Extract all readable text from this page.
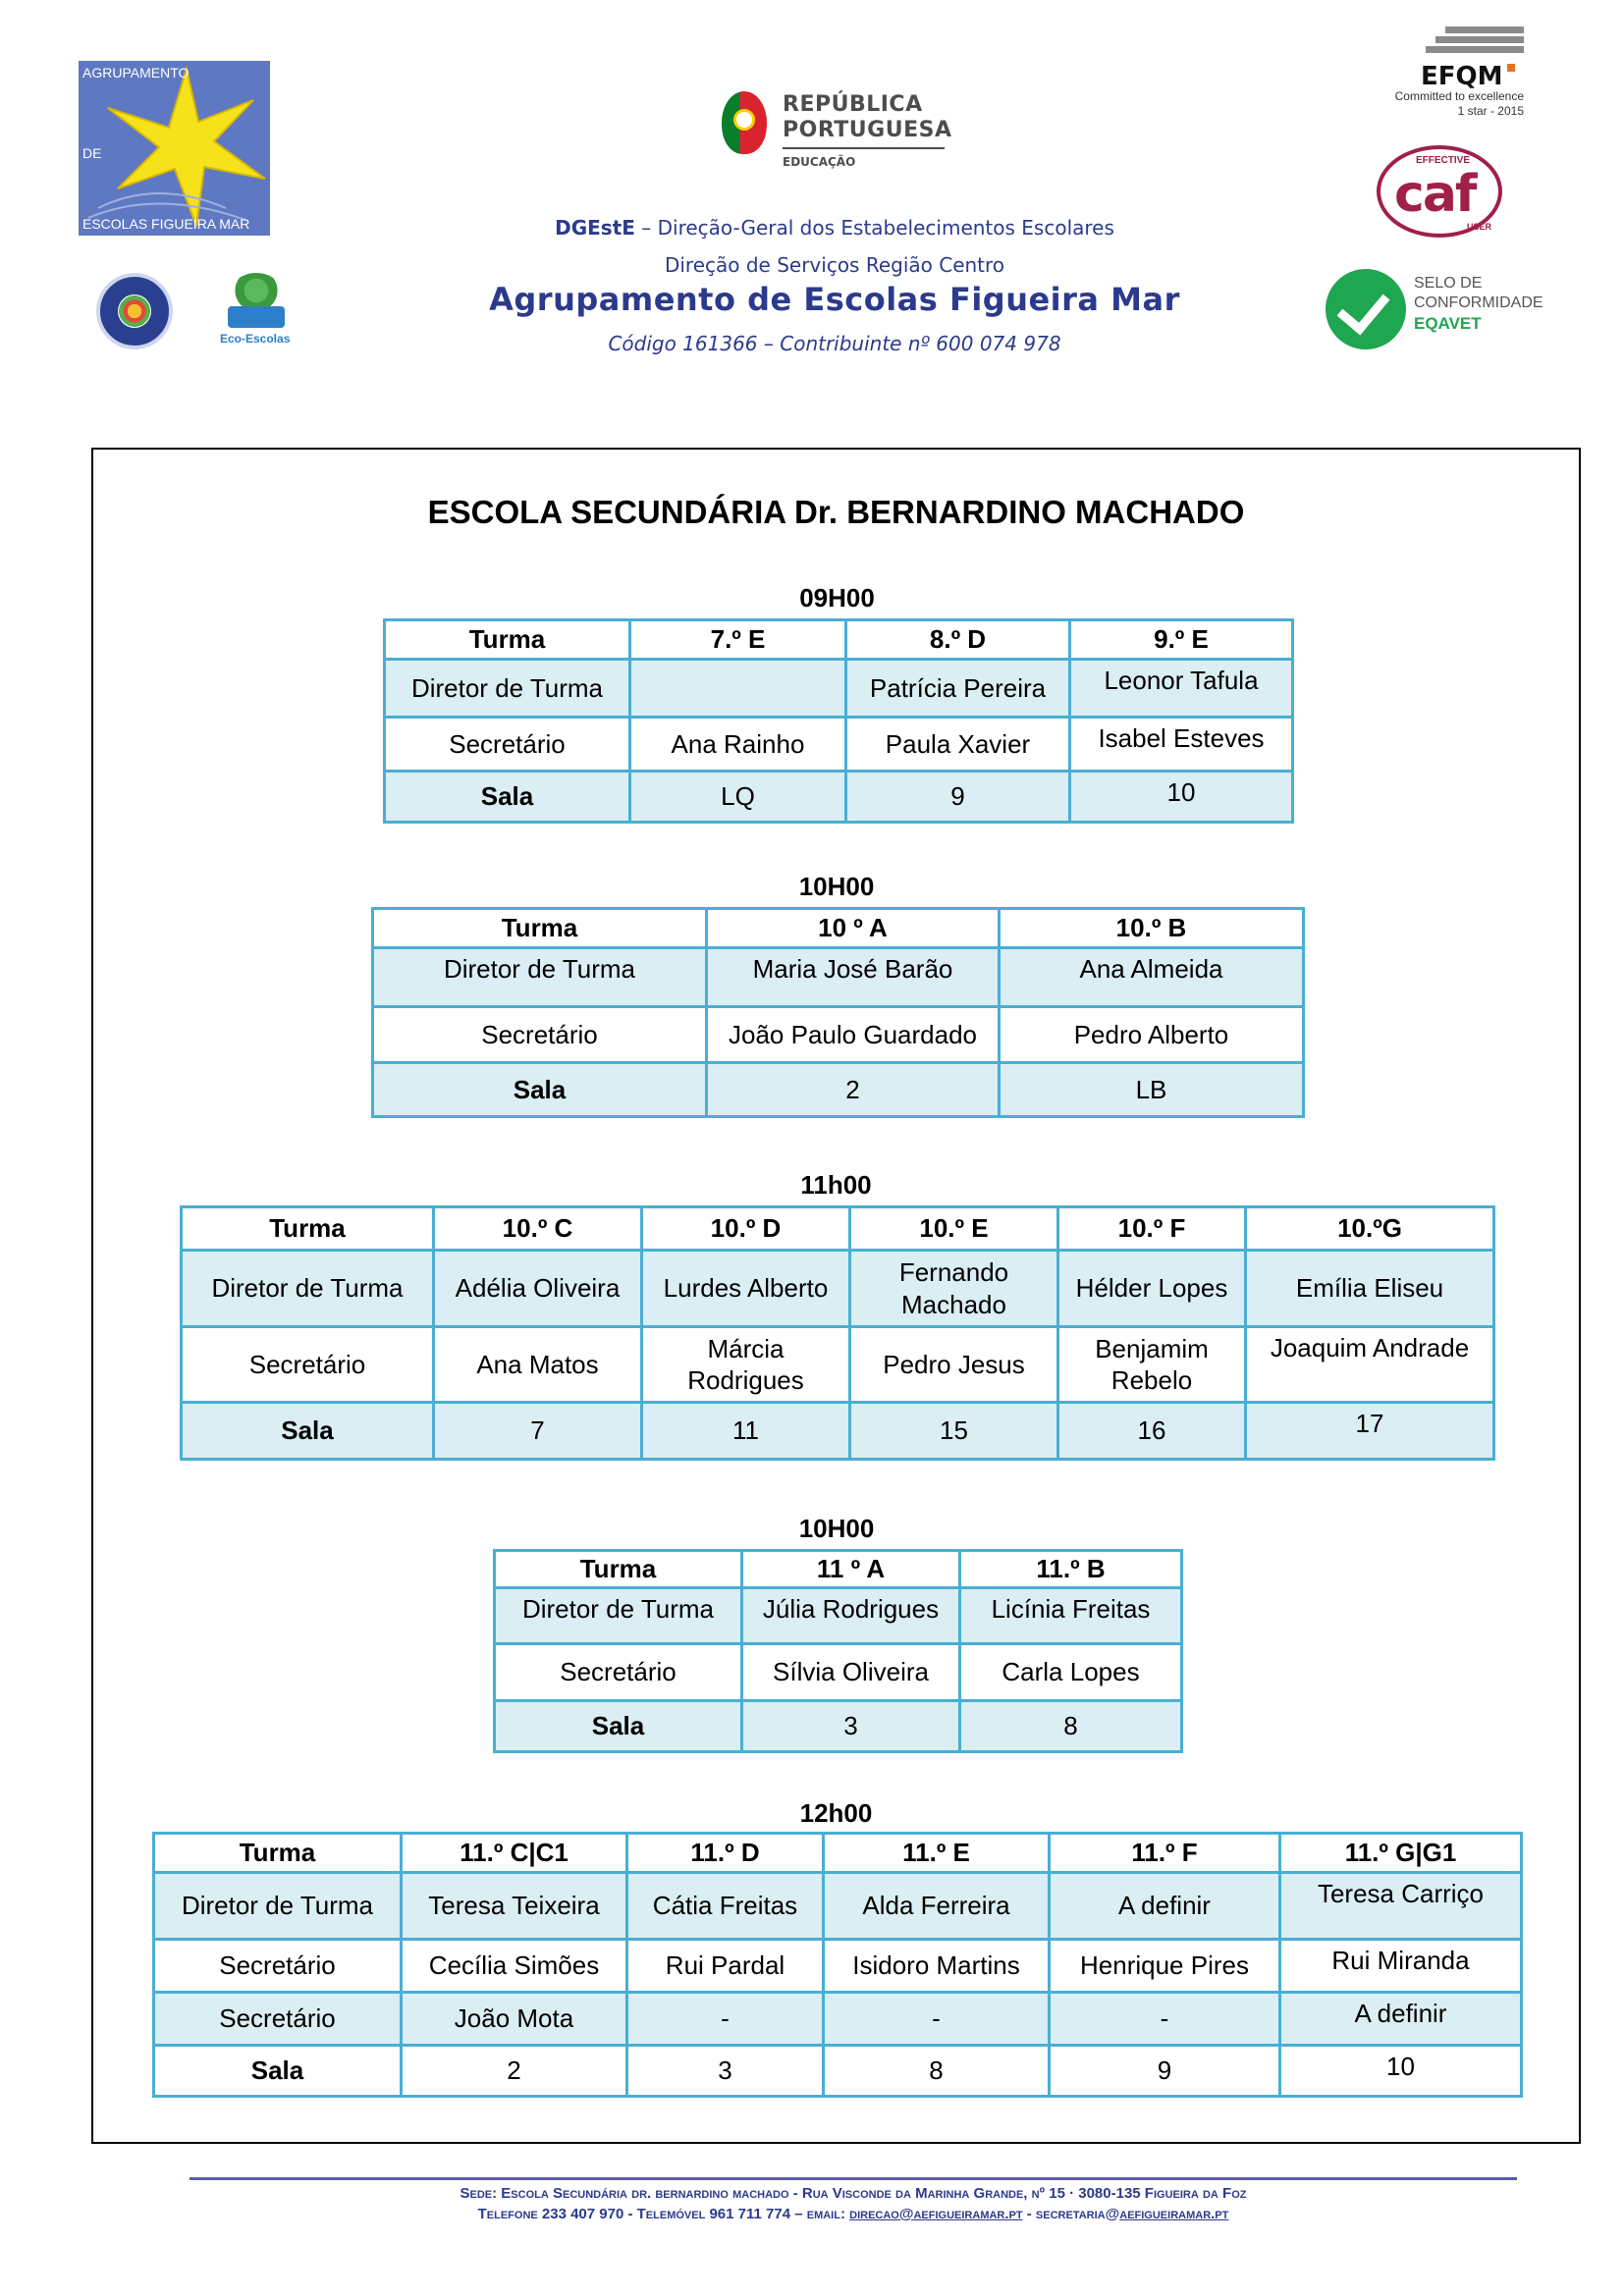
AGRUPAMENTO
DE
ESCOLAS FIGUEIRA MAR
Eco-Escolas
REPÚBLICA
PORTUGUESA
EDUCAÇÃO
DGEstE – Direção-Geral dos Estabelecimentos Escolares
Direção de Serviços Região Centro
Agrupamento de Escolas Figueira Mar
Código 161366 – Contribuinte nº 600 074 978
EFQM
Committed to excellence
1 star - 2015
EFFECTIVE
caf
USER
SELO DE
CONFORMIDADE
EQAVET
ESCOLA SECUNDÁRIA Dr. BERNARDINO MACHADO
09H00
Turma	7.º E	8.º D	9.º E
Diretor de Turma		Patrícia Pereira	Leonor Tafula
Secretário	Ana Rainho	Paula Xavier	Isabel Esteves
Sala	LQ	9	10
10H00
Turma	10 º A	10.º B
Diretor de Turma	Maria José Barão	Ana Almeida
Secretário	João Paulo Guardado	Pedro Alberto
Sala	2	LB
11h00
Turma	10.º C	10.º D	10.º E	10.º F	10.ºG
Diretor de Turma	Adélia Oliveira	Lurdes Alberto	Fernando Machado	Hélder Lopes	Emília Eliseu
Secretário	Ana Matos	Márcia Rodrigues	Pedro Jesus	Benjamim Rebelo	Joaquim Andrade
Sala	7	11	15	16	17
10H00
Turma	11 º A	11.º B
Diretor de Turma	Júlia Rodrigues	Licínia Freitas
Secretário	Sílvia Oliveira	Carla Lopes
Sala	3	8
12h00
Turma	11.º C|C1	11.º D	11.º E	11.º F	11.º G|G1
Diretor de Turma	Teresa Teixeira	Cátia Freitas	Alda Ferreira	A definir	Teresa Carriço
Secretário	Cecília Simões	Rui Pardal	Isidoro Martins	Henrique Pires	Rui Miranda
Secretário	João Mota	-	-	-	A definir
Sala	2	3	8	9	10
Sede: Escola Secundária dr. bernardino machado - Rua Visconde da Marinha Grande, nº 15 · 3080-135 Figueira da Foz
Telefone 233 407 970 - Telemóvel 961 711 774 – email: direcao@aefigueiramar.pt - secretaria@aefigueiramar.pt
